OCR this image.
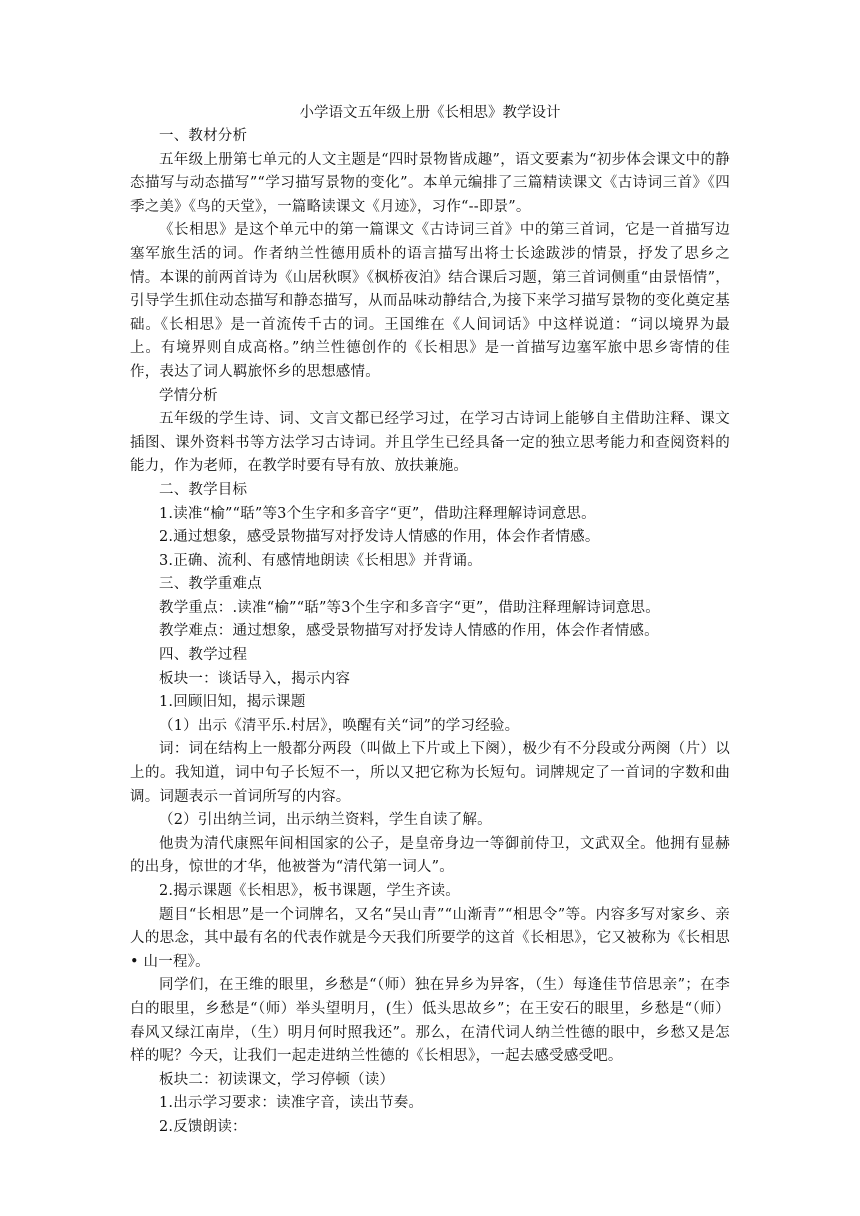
小学语文五年级上册《长相思》教学设计

一、教材分析

五年级上册第七单元的人文主题是“四时景物皆成趣”，语文要素为“初步体会课文中的静态描写与动态描写”“学习描写景物的变化”。本单元编排了三篇精读课文《古诗词三首》《四季之美》《鸟的天堂》，一篇略读课文《月迹》，习作“--即景”。

《长相思》是这个单元中的第一篇课文《古诗词三首》中的第三首词，它是一首描写边塞军旅生活的词。作者纳兰性德用质朴的语言描写出将士长途跋涉的情景，抒发了思乡之情。本课的前两首诗为《山居秋暝》《枫桥夜泊》结合课后习题，第三首词侧重“由景悟情”，引导学生抓住动态描写和静态描写，从而品味动静结合,为接下来学习描写景物的变化奠定基础。《长相思》是一首流传千古的词。王国维在《人间词话》中这样说道：“词以境界为最上。有境界则自成高格。”纳兰性德创作的《长相思》是一首描写边塞军旅中思乡寄情的佳作，表达了词人羁旅怀乡的思想感情。

学情分析

五年级的学生诗、词、文言文都已经学习过，在学习古诗词上能够自主借助注释、课文插图、课外资料书等方法学习古诗词。并且学生已经具备一定的独立思考能力和查阅资料的能力，作为老师，在教学时要有导有放、放扶兼施。

二、教学目标

1.读准“榆”“聒”等3个生字和多音字“更”，借助注释理解诗词意思。

2.通过想象，感受景物描写对抒发诗人情感的作用，体会作者情感。

3.正确、流利、有感情地朗读《长相思》并背诵。

三、教学重难点

教学重点：.读准“榆”“聒”等3个生字和多音字“更”，借助注释理解诗词意思。

教学难点：通过想象，感受景物描写对抒发诗人情感的作用，体会作者情感。

四、教学过程

板块一：谈话导入，揭示内容

1.回顾旧知，揭示课题

（1）出示《清平乐.村居》，唤醒有关“词”的学习经验。

词：词在结构上一般都分两段（叫做上下片或上下阕），极少有不分段或分两阕（片）以上的。我知道，词中句子长短不一，所以又把它称为长短句。词牌规定了一首词的字数和曲调。词题表示一首词所写的内容。

（2）引出纳兰词，出示纳兰资料，学生自读了解。

他贵为清代康熙年间相国家的公子，是皇帝身边一等御前侍卫，文武双全。他拥有显赫的出身，惊世的才华，他被誉为“清代第一词人”。

2.揭示课题《长相思》，板书课题，学生齐读。

题目“长相思”是一个词牌名，又名“吴山青”“山渐青”“相思令”等。内容多写对家乡、亲人的思念，其中最有名的代表作就是今天我们所要学的这首《长相思》，它又被称为《长相思 • 山一程》。

同学们，在王维的眼里，乡愁是“（师）独在异乡为异客，（生）每逢佳节倍思亲”；在李白的眼里，乡愁是“（师）举头望明月，(生）低头思故乡”；在王安石的眼里，乡愁是“（师）春风又绿江南岸，（生）明月何时照我还”。那么，在清代词人纳兰性德的眼中，乡愁又是怎样的呢？今天，让我们一起走进纳兰性德的《长相思》，一起去感受感受吧。

板块二：初读课文，学习停顿（读）

1.出示学习要求：读准字音，读出节奏。

2.反馈朗读：
